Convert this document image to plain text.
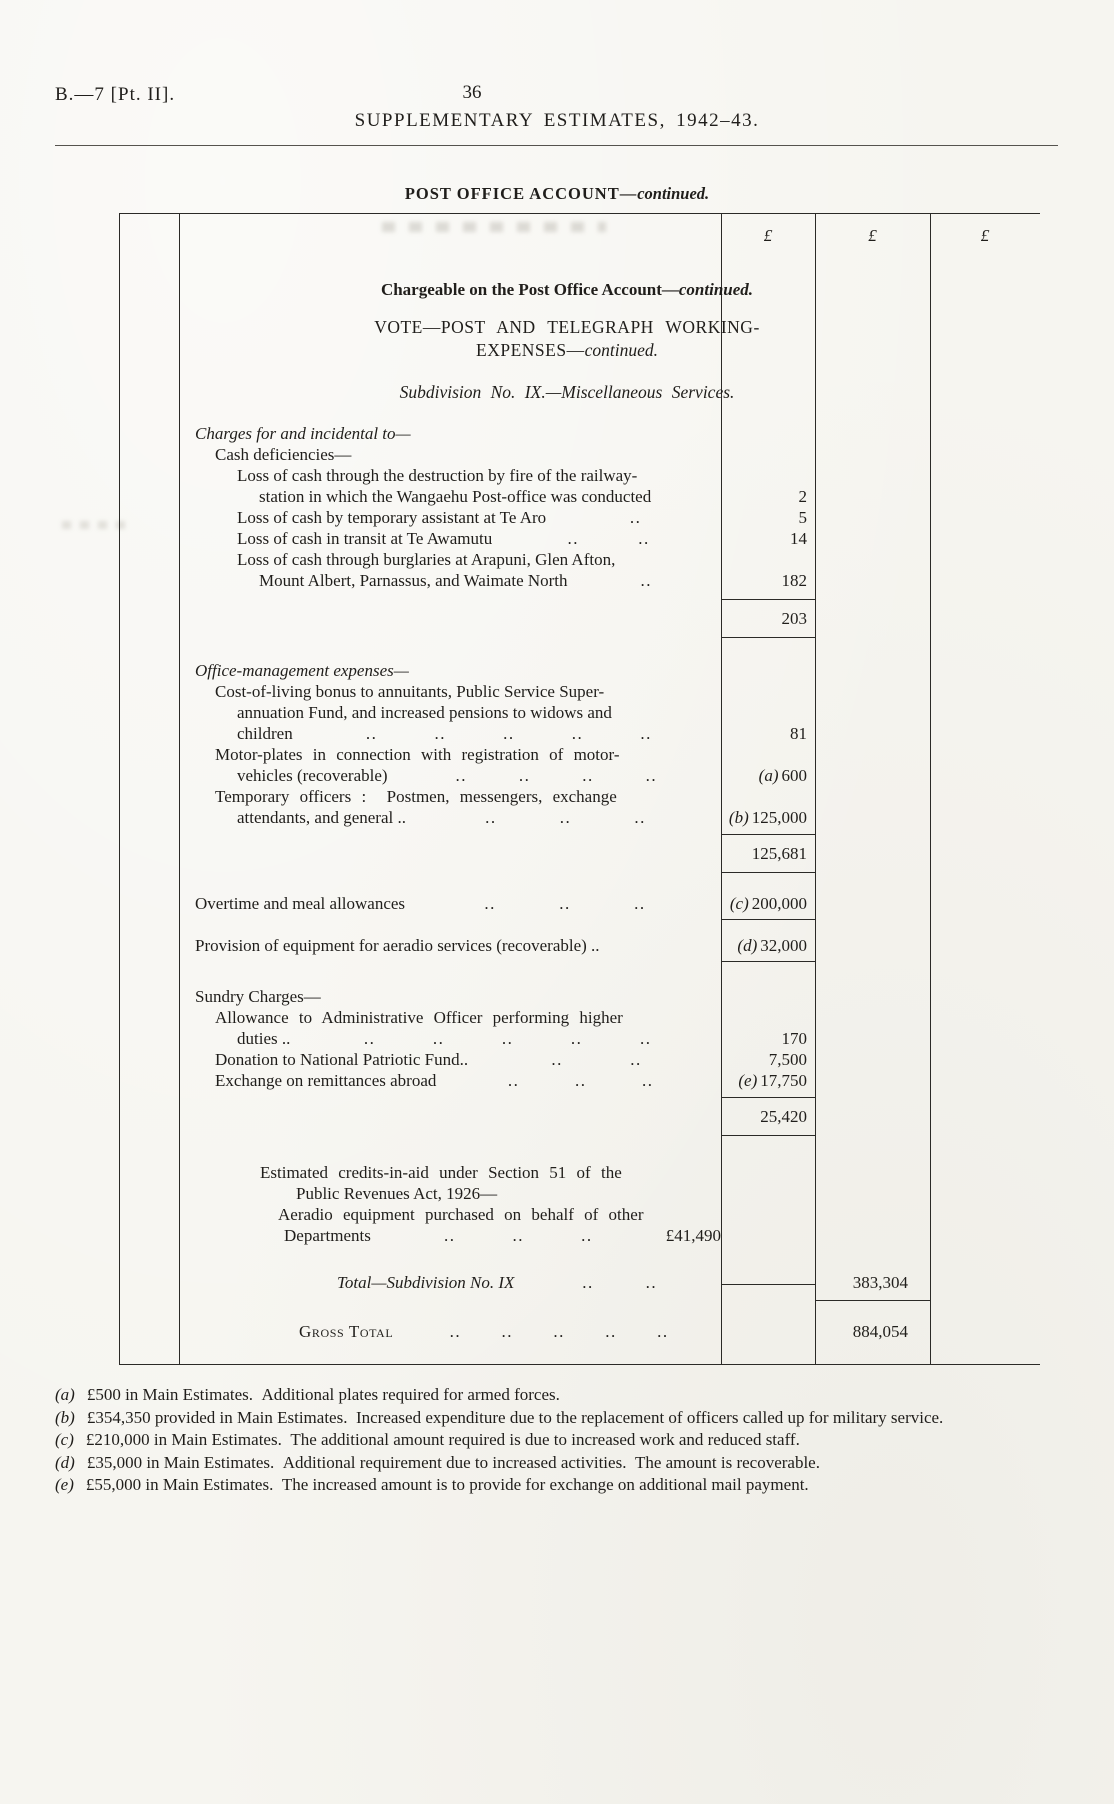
B.—7 [Pt. II].	36
SUPPLEMENTARY ESTIMATES, 1942–43.
POST OFFICE ACCOUNT—continued.
£	£	£
Chargeable on the Post Office Account—continued.
VOTE—POST AND TELEGRAPH WORKING-
EXPENSES—continued.
Subdivision No. IX.—Miscellaneous Services.
Charges for and incidental to—
Cash deficiencies—
Loss of cash through the destruction by fire of the railway-
station in which the Wangaehu Post-office was conducted	2
Loss of cash by temporary assistant at Te Aro	..	5
Loss of cash in transit at Te Awamutu	..	..	14
Loss of cash through burglaries at Arapuni, Glen Afton,
Mount Albert, Parnassus, and Waimate North	..	182
203
Office-management expenses—
Cost-of-living bonus to annuitants, Public Service Super-
annuation Fund, and increased pensions to widows and
children	..	..	..	..	..	81
Motor-plates in connection with registration of motor-
vehicles (recoverable)	..	..	..	..	(a) 600
Temporary officers :  Postmen, messengers, exchange
attendants, and general ..	..	..	..	(b) 125,000
125,681
Overtime and meal allowances	..	..	..	(c) 200,000
Provision of equipment for aeradio services (recoverable) ..	(d) 32,000
Sundry Charges—
Allowance to Administrative Officer performing higher
duties ..	..	..	..	..	..	170
Donation to National Patriotic Fund..	..	..	7,500
Exchange on remittances abroad	..	..	..	(e) 17,750
25,420
Estimated credits-in-aid under Section 51 of the
Public Revenues Act, 1926—
Aeradio equipment purchased on behalf of other
Departments	..	..	..	£41,490
Total—Subdivision No. IX	..	..	383,304
Gross Total	.. .. .. .. ..	884,054
(a) £500 in Main Estimates. Additional plates required for armed forces.
(b) £354,350 provided in Main Estimates. Increased expenditure due to the replacement of officers called up for military service.
(c) £210,000 in Main Estimates. The additional amount required is due to increased work and reduced staff.
(d) £35,000 in Main Estimates. Additional requirement due to increased activities. The amount is recoverable.
(e) £55,000 in Main Estimates. The increased amount is to provide for exchange on additional mail payment.
